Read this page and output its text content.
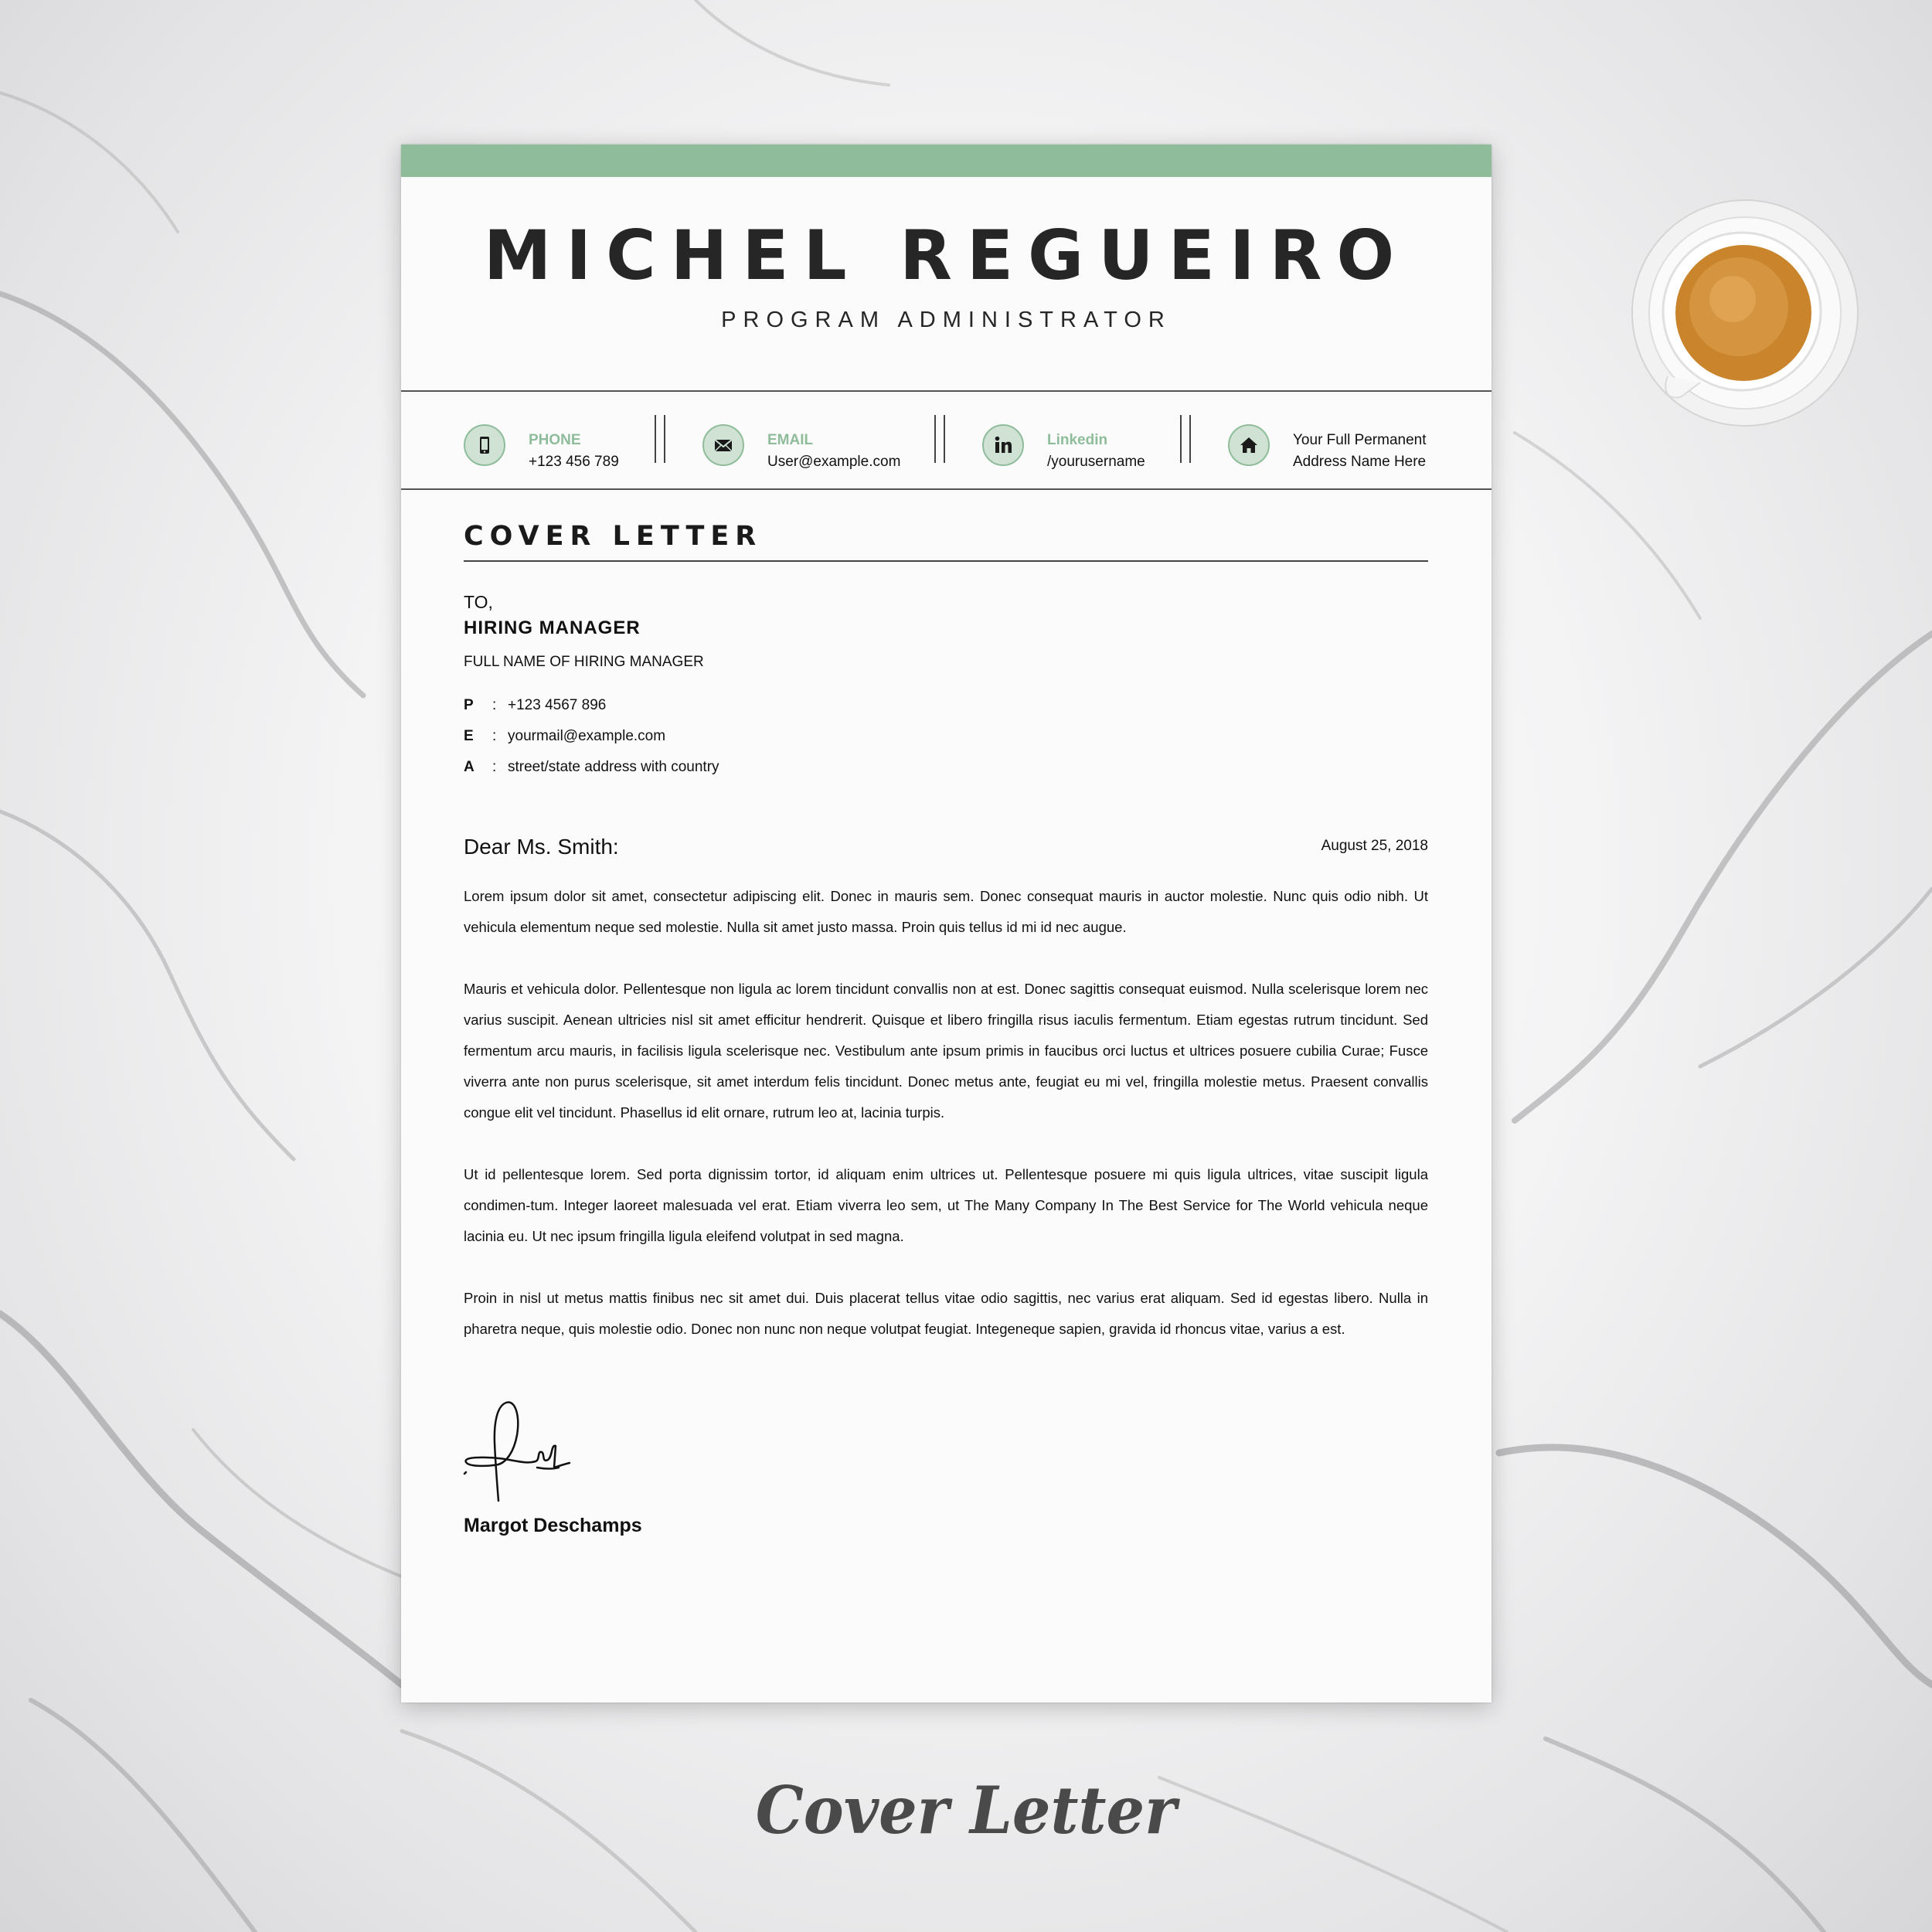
MICHEL REGUEIRO
PROGRAM ADMINISTRATOR
PHONE
+123 456 789
EMAIL
User@example.com
Linkedin
/yourusername
Your Full Permanent
Address Name Here
COVER LETTER
TO,
HIRING MANAGER
FULL NAME OF HIRING MANAGER
P : +123 4567 896
E : yourmail@example.com
A : street/state address with country
Dear Ms. Smith:	August 25, 2018

Lorem ipsum dolor sit amet, consectetur adipiscing elit. Donec in mauris sem. Donec consequat mauris in auctor molestie. Nunc quis odio nibh. Ut vehicula elementum neque sed molestie. Nulla sit amet justo massa. Proin quis tellus id mi id nec augue.

Mauris et vehicula dolor. Pellentesque non ligula ac lorem tincidunt convallis non at est. Donec sagittis consequat euismod. Nulla scelerisque lorem nec varius suscipit. Aenean ultricies nisl sit amet efficitur hendrerit. Quisque et libero fringilla risus iaculis fermentum. Etiam egestas rutrum tincidunt. Sed fermentum arcu mauris, in facilisis ligula scelerisque nec. Vestibulum ante ipsum primis in faucibus orci luctus et ultrices posuere cubilia Curae; Fusce viverra ante non purus scelerisque, sit amet interdum felis tincidunt. Donec metus ante, feugiat eu mi vel, fringilla molestie metus. Praesent convallis congue elit vel tincidunt. Phasellus id elit ornare, rutrum leo at, lacinia turpis.

Ut id pellentesque lorem. Sed porta dignissim tortor, id aliquam enim ultrices ut. Pellentesque posuere mi quis ligula ultrices, vitae suscipit ligula condimen-tum. Integer laoreet malesuada vel erat. Etiam viverra leo sem, ut The Many Company In The Best Service for The World vehicula neque lacinia eu. Ut nec ipsum fringilla ligula eleifend volutpat in sed magna.

Proin in nisl ut metus mattis finibus nec sit amet dui. Duis placerat tellus vitae odio sagittis, nec varius erat aliquam. Sed id egestas libero. Nulla in pharetra neque, quis molestie odio. Donec non nunc non neque volutpat feugiat. Integeneque sapien, gravida id rhoncus vitae, varius a est.

Margot Deschamps
Cover Letter
